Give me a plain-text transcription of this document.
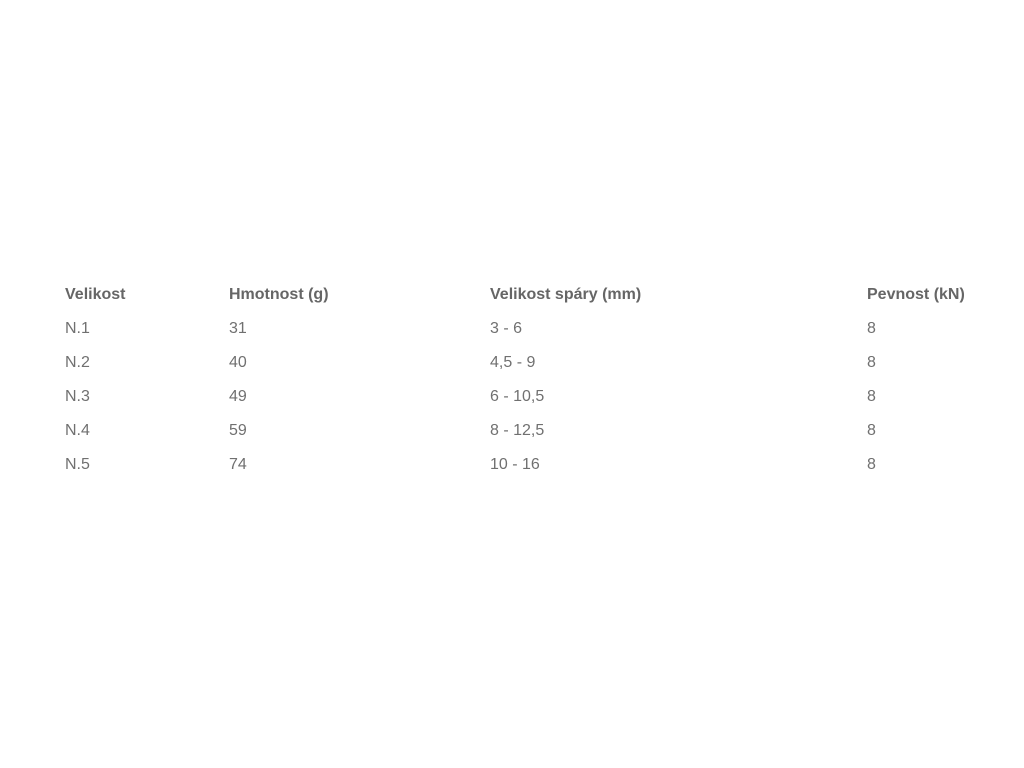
Velikost	Hmotnost (g)	Velikost spáry (mm)	Pevnost (kN)
N.1	31	3 - 6	8
N.2	40	4,5 - 9	8
N.3	49	6 - 10,5	8
N.4	59	8 - 12,5	8
N.5	74	10 - 16	8
